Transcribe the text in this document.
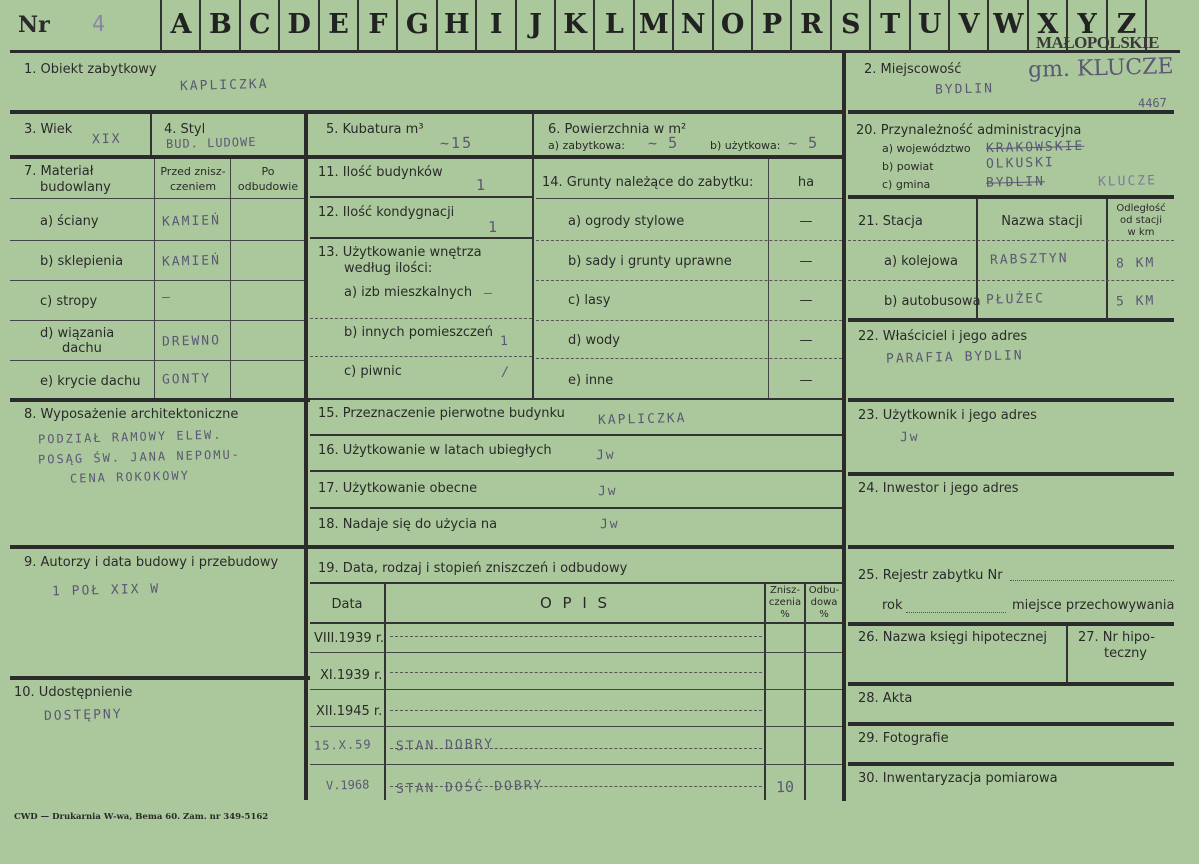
Nr 4	A B C D E F G H I J K L M N O P R S T U V W X Y Z
MAŁOPOLSKIE
1. Obiekt zabytkowy
KAPLICZKA
2. Miejscowość
BYDLIN
gm. KLUCZE
4467
3. Wiek
XIX
4. Styl
BUD. LUDOWE
5. Kubatura m³
~15
6. Powierzchnia w m²
a) zabytkowa: ~ 5	b) użytkowa: ~ 5
20. Przynależność administracyjna
a) województwo KRAKOWSKIE
b) powiat	OLKUSKI
c) gmina	BYDLIN	KLUCZE
7. Materiał
budowlany
Przed znisz-
czeniem
Po
odbudowie
a) ściany	KAMIEŃ
b) sklepienia	KAMIEŃ
c) stropy	—
d) wiązania
dachu	DREWNO
e) krycie dachu GONTY
11. Ilość budynków
1
12. Ilość kondygnacji
1
13. Użytkowanie wnętrza
według ilości:
a) izb mieszkalnych —
b) innych pomieszczeń
1
c) piwnic	⁄
14. Grunty należące do zabytku:	ha
a) ogrody stylowe	—
b) sady i grunty uprawne	—
c) lasy	—
d) wody	—
e) inne	—
21. Stacja	Nazwa stacji
Odległość
od stacji
w km
a) kolejowa RABSZTYN	8 KM
b) autobusowa PŁUŻEC	5 KM
22. Właściciel i jego adres
PARAFIA BYDLIN
23. Użytkownik i jego adres
Jw
24. Inwestor i jego adres
8. Wyposażenie architektoniczne
PODZIAŁ RAMOWY ELEW.
POSĄG ŚW. JANA NEPOMU-
CENA ROKOKOWY
15. Przeznaczenie pierwotne budynku	KAPLICZKA
16. Użytkowanie w latach ubiegłych	Jw
17. Użytkowanie obecne	Jw
18. Nadaje się do użycia na	Jw
9. Autorzy i data budowy i przebudowy
1 POŁ XIX W
10. Udostępnienie
DOSTĘPNY
19. Data, rodzaj i stopień zniszczeń i odbudowy
Data	O P I S
Znisz-
czenia
%
Odbu-
dowa
%
VIII.1939 r.
XI.1939 r.
XII.1945 r.
15.X.59 STAN DOBRY
V.1968 STAN DOŚĆ DOBRY	10
25. Rejestr zabytku Nr
rok	miejsce przechowywania
26. Nazwa księgi hipotecznej 27. Nr hipo-
teczny
28. Akta
29. Fotografie
30. Inwentaryzacja pomiarowa
CWD — Drukarnia W-wa, Bema 60. Zam. nr 349-5162
